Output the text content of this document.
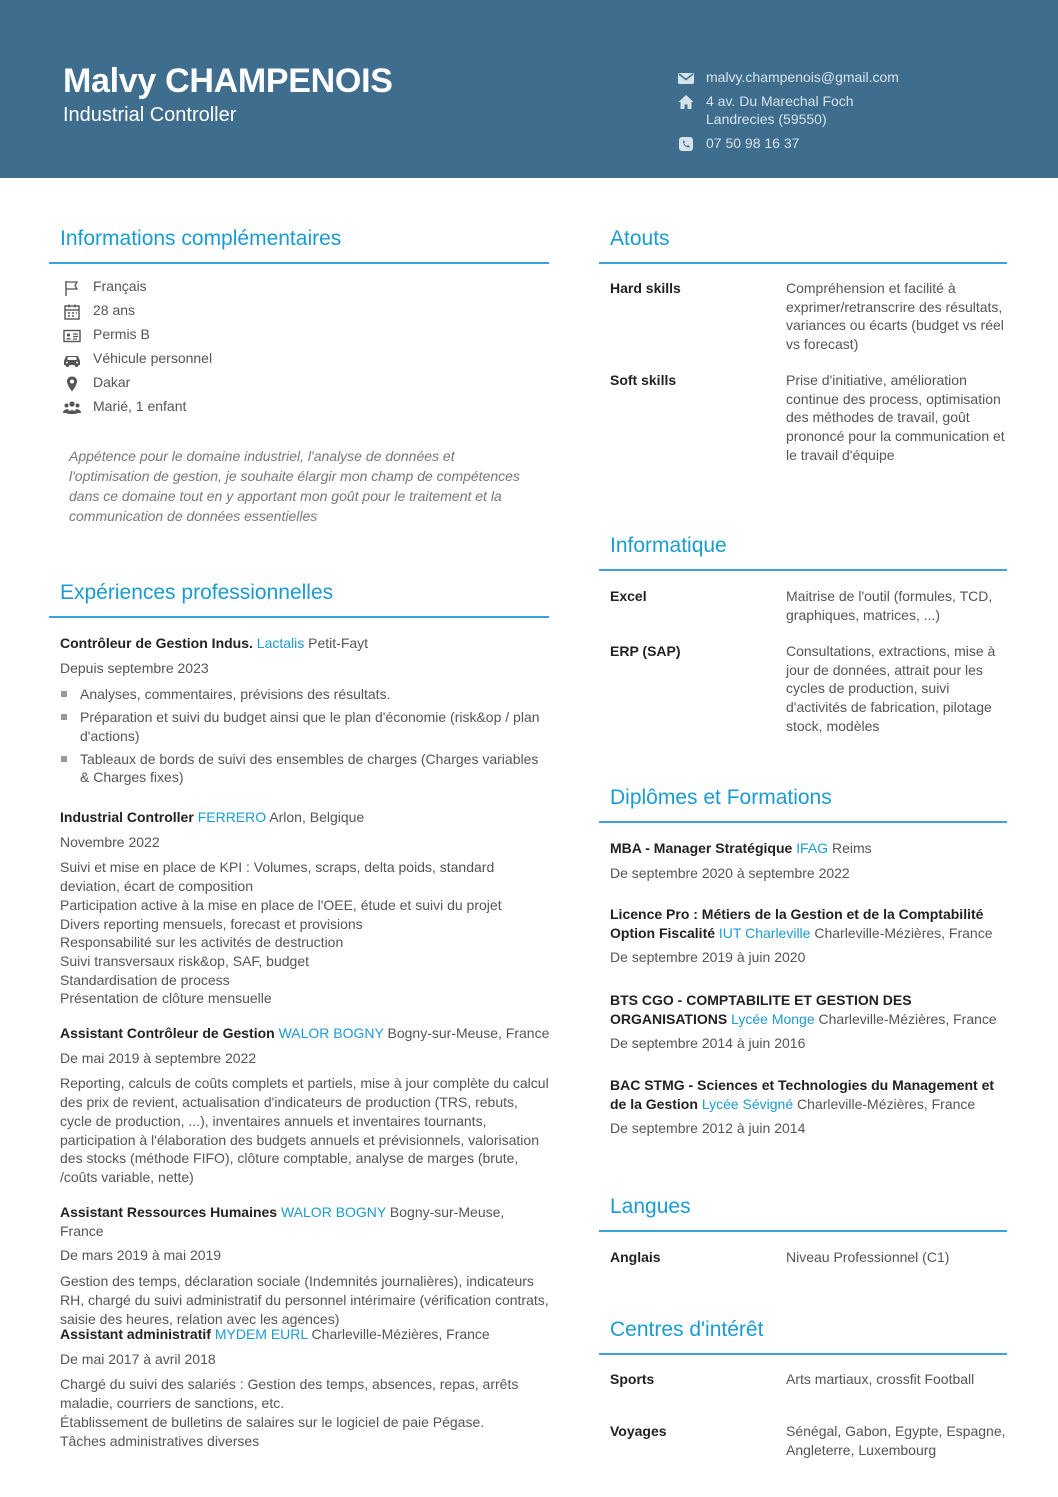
Malvy CHAMPENOIS
Industrial Controller
malvy.champenois@gmail.com
4 av. Du Marechal Foch
Landrecies (59550)
07 50 98 16 37
Informations complémentaires
Français
28 ans
Permis B
Véhicule personnel
Dakar
Marié, 1 enfant
Appétence pour le domaine industriel, l'analyse de données et l'optimisation de gestion, je souhaite élargir mon champ de compétences dans ce domaine tout en y apportant mon goût pour le traitement et la communication de données essentielles
Expériences professionnelles
Contrôleur de Gestion Indus. Lactalis Petit-Fayt
Depuis septembre 2023
Analyses, commentaires, prévisions des résultats.
Préparation et suivi du budget ainsi que le plan d'économie (risk&op / plan d'actions)
Tableaux de bords de suivi des ensembles de charges (Charges variables & Charges fixes)
Industrial Controller FERRERO Arlon, Belgique
Novembre 2022
Suivi et mise en place de KPI : Volumes, scraps, delta poids, standard deviation, écart de composition
Participation active à la mise en place de l'OEE, étude et suivi du projet
Divers reporting mensuels, forecast et provisions
Responsabilité sur les activités de destruction
Suivi transversaux risk&op, SAF, budget
Standardisation de process
Présentation de clôture mensuelle
Assistant Contrôleur de Gestion WALOR BOGNY Bogny-sur-Meuse, France
De mai 2019 à septembre 2022
Reporting, calculs de coûts complets et partiels, mise à jour complète du calcul des prix de revient, actualisation d'indicateurs de production (TRS, rebuts, cycle de production, ...), inventaires annuels et inventaires tournants, participation à l'élaboration des budgets annuels et prévisionnels, valorisation des stocks (méthode FIFO), clôture comptable, analyse de marges (brute, /coûts variable, nette)
Assistant Ressources Humaines WALOR BOGNY Bogny-sur-Meuse, France
De mars 2019 à mai 2019
Gestion des temps, déclaration sociale (Indemnités journalières), indicateurs RH, chargé du suivi administratif du personnel intérimaire (vérification contrats, saisie des heures, relation avec les agences)
Assistant administratif MYDEM EURL Charleville-Mézières, France
De mai 2017 à avril 2018
Chargé du suivi des salariés : Gestion des temps, absences, repas, arrêts maladie, courriers de sanctions, etc.
Établissement de bulletins de salaires sur le logiciel de paie Pégase.
Tâches administratives diverses
Atouts
Hard skills	Compréhension et facilité à exprimer/retranscrire des résultats, variances ou écarts (budget vs réel vs forecast)
Soft skills	Prise d'initiative, amélioration continue des process, optimisation des méthodes de travail, goût prononcé pour la communication et le travail d'équipe
Informatique
Excel	Maitrise de l'outil (formules, TCD, graphiques, matrices, ...)
ERP (SAP)	Consultations, extractions, mise à jour de données, attrait pour les cycles de production, suivi d'activités de fabrication, pilotage stock, modèles
Diplômes et Formations
MBA - Manager Stratégique IFAG Reims
De septembre 2020 à septembre 2022
Licence Pro : Métiers de la Gestion et de la Comptabilité Option Fiscalité IUT Charleville Charleville-Mézières, France
De septembre 2019 à juin 2020
BTS CGO - COMPTABILITE ET GESTION DES ORGANISATIONS Lycée Monge Charleville-Mézières, France
De septembre 2014 à juin 2016
BAC STMG - Sciences et Technologies du Management et de la Gestion Lycée Sévigné Charleville-Mézières, France
De septembre 2012 à juin 2014
Langues
Anglais	Niveau Professionnel (C1)
Centres d'intérêt
Sports	Arts martiaux, crossfit Football
Voyages	Sénégal, Gabon, Egypte, Espagne, Angleterre, Luxembourg
